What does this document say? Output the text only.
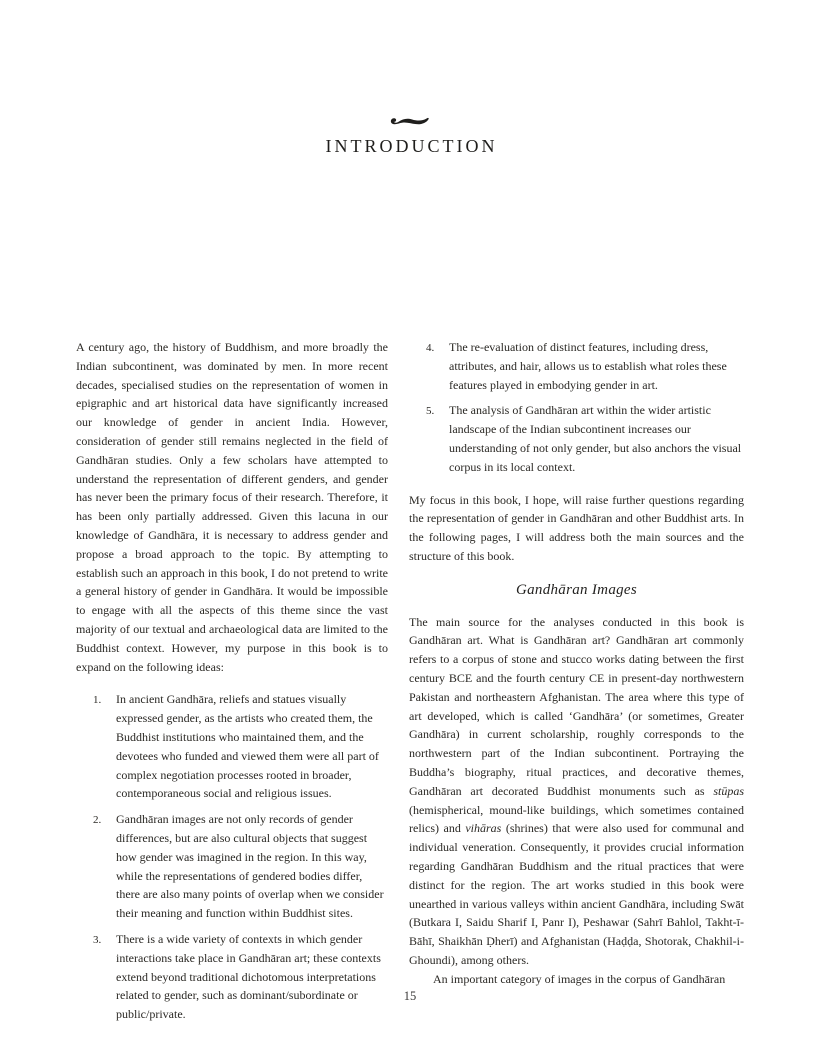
INTRODUCTION

A century ago, the history of Buddhism, and more broadly the Indian subcontinent, was dominated by men. In more recent decades, specialised studies on the representation of women in epigraphic and art historical data have significantly increased our knowledge of gender in ancient India. However, consideration of gender still remains neglected in the field of Gandhāran studies. Only a few scholars have attempted to understand the representation of different genders, and gender has never been the primary focus of their research. Therefore, it has been only partially addressed. Given this lacuna in our knowledge of Gandhāra, it is necessary to address gender and propose a broad approach to the topic. By attempting to establish such an approach in this book, I do not pretend to write a general history of gender in Gandhāra. It would be impossible to engage with all the aspects of this theme since the vast majority of our textual and archaeological data are limited to the Buddhist context. However, my purpose in this book is to expand on the following ideas:

1. In ancient Gandhāra, reliefs and statues visually expressed gender, as the artists who created them, the Buddhist institutions who maintained them, and the devotees who funded and viewed them were all part of complex negotiation processes rooted in broader, contemporaneous social and religious issues.
2. Gandhāran images are not only records of gender differences, but are also cultural objects that suggest how gender was imagined in the region. In this way, while the representations of gendered bodies differ, there are also many points of overlap when we consider their meaning and function within Buddhist sites.
3. There is a wide variety of contexts in which gender interactions take place in Gandhāran art; these contexts extend beyond traditional dichotomous interpretations related to gender, such as dominant/subordinate or public/private.
4. The re-evaluation of distinct features, including dress, attributes, and hair, allows us to establish what roles these features played in embodying gender in art.
5. The analysis of Gandhāran art within the wider artistic landscape of the Indian subcontinent increases our understanding of not only gender, but also anchors the visual corpus in its local context.

My focus in this book, I hope, will raise further questions regarding the representation of gender in Gandhāran and other Buddhist arts. In the following pages, I will address both the main sources and the structure of this book.

Gandhāran Images

The main source for the analyses conducted in this book is Gandhāran art. What is Gandhāran art? Gandhāran art commonly refers to a corpus of stone and stucco works dating between the first century BCE and the fourth century CE in present-day northwestern Pakistan and northeastern Afghanistan. The area where this type of art developed, which is called ‘Gandhāra’ (or sometimes, Greater Gandhāra) in current scholarship, roughly corresponds to the northwestern part of the Indian subcontinent. Portraying the Buddha’s biography, ritual practices, and decorative themes, Gandhāran art decorated Buddhist monuments such as stūpas (hemispherical, mound-like buildings, which sometimes contained relics) and vihāras (shrines) that were also used for communal and individual veneration. Consequently, it provides crucial information regarding Gandhāran Buddhism and the ritual practices that were distinct for the region. The art works studied in this book were unearthed in various valleys within ancient Gandhāra, including Swāt (Butkara I, Saidu Sharif I, Panr I), Peshawar (Sahrī Bahlol, Takht-ī-Bāhī, Shaikhān Ḍherī) and Afghanistan (Haḍḍa, Shotorak, Chakhil-i-Ghoundi), among others.

An important category of images in the corpus of Gandhāran

15
